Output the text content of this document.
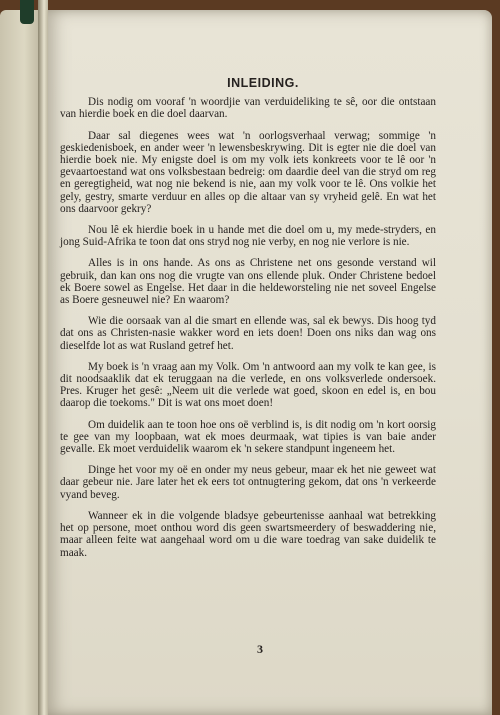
INLEIDING.

Dis nodig om vooraf 'n woordjie van verduideliking te sê, oor die ontstaan van hierdie boek en die doel daarvan.

Daar sal diegenes wees wat 'n oorlogsverhaal verwag; sommige 'n geskiedenisboek, en ander weer 'n lewensbeskrywing. Dit is egter nie die doel van hierdie boek nie. My enigste doel is om my volk iets konkreets voor te lê oor 'n gevaartoestand wat ons volksbestaan bedreig: om daardie deel van die stryd om reg en geregtigheid, wat nog nie bekend is nie, aan my volk voor te lê. Ons volkie het gely, gestry, smarte verduur en alles op die altaar van sy vryheid gelê. En wat het ons daarvoor gekry?

Nou lê ek hierdie boek in u hande met die doel om u, my mede-stryders, en jong Suid-Afrika te toon dat ons stryd nog nie verby, en nog nie verlore is nie.

Alles is in ons hande. As ons as Christene net ons gesonde verstand wil gebruik, dan kan ons nog die vrugte van ons ellende pluk. Onder Christene bedoel ek Boere sowel as Engelse. Het daar in die heldeworsteling nie net soveel Engelse as Boere gesneuwel nie? En waarom?

Wie die oorsaak van al die smart en ellende was, sal ek bewys. Dis hoog tyd dat ons as Christen-nasie wakker word en iets doen! Doen ons niks dan wag ons dieselfde lot as wat Rusland getref het.

My boek is 'n vraag aan my Volk. Om 'n antwoord aan my volk te kan gee, is dit noodsaaklik dat ek teruggaan na die verlede, en ons volksverlede ondersoek. Pres. Kruger het gesê: „Neem uit die verlede wat goed, skoon en edel is, en bou daarop die toekoms." Dit is wat ons moet doen!

Om duidelik aan te toon hoe ons oë verblind is, is dit nodig om 'n kort oorsig te gee van my loopbaan, wat ek moes deurmaak, wat tipies is van baie ander gevalle. Ek moet verduidelik waarom ek 'n sekere standpunt ingeneem het.

Dinge het voor my oë en onder my neus gebeur, maar ek het nie geweet wat daar gebeur nie. Jare later het ek eers tot ontnugtering gekom, dat ons 'n verkeerde vyand beveg.

Wanneer ek in die volgende bladsye gebeurtenisse aanhaal wat betrekking het op persone, moet onthou word dis geen swartsmeerdery of beswaddering nie, maar alleen feite wat aangehaal word om u die ware toedrag van sake duidelik te maak.

3
